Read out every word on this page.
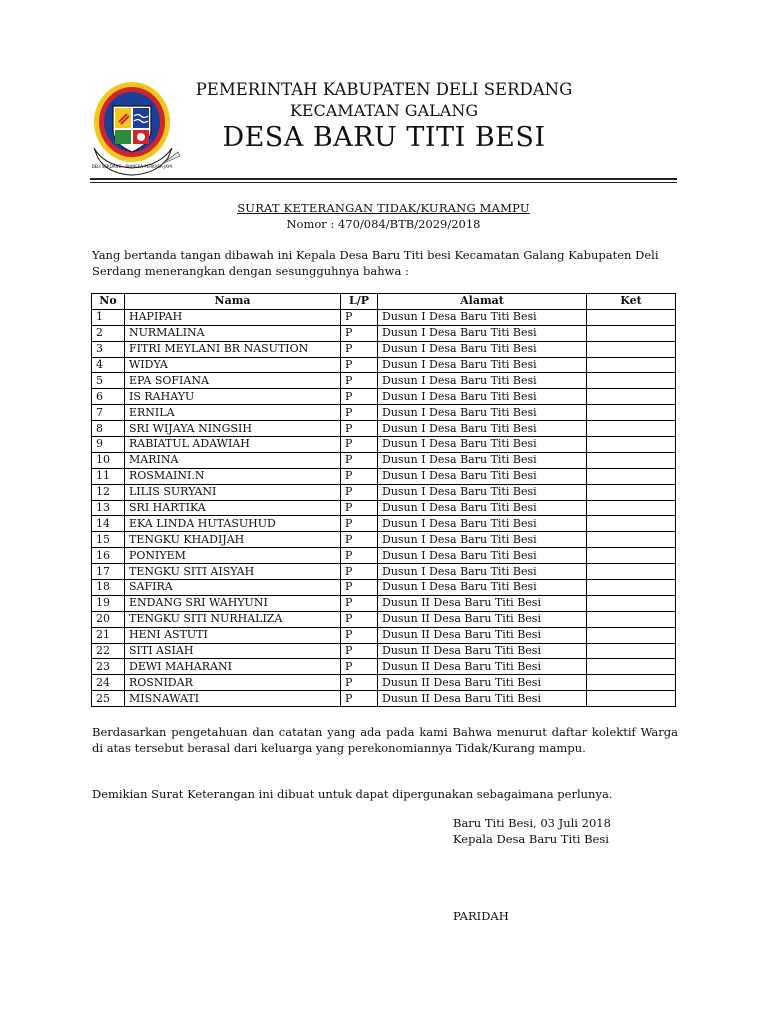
DELI SERDANG · BHINEKA PERKASA JAYA
PEMERINTAH KABUPATEN DELI SERDANG
KECAMATAN GALANG
DESA BARU TITI BESI
SURAT KETERANGAN TIDAK/KURANG MAMPU
Nomor : 470/084/BTB/2029/2018
Yang bertanda tangan dibawah ini Kepala Desa Baru Titi besi Kecamatan Galang Kabupaten Deli Serdang menerangkan dengan sesungguhnya bahwa :
No	Nama	L/P	Alamat	Ket
1	HAPIPAH	P	Dusun I Desa Baru Titi Besi	
2	NURMALINA	P	Dusun I Desa Baru Titi Besi	
3	FITRI MEYLANI BR NASUTION	P	Dusun I Desa Baru Titi Besi	
4	WIDYA	P	Dusun I Desa Baru Titi Besi	
5	EPA SOFIANA	P	Dusun I Desa Baru Titi Besi	
6	IS RAHAYU	P	Dusun I Desa Baru Titi Besi	
7	ERNILA	P	Dusun I Desa Baru Titi Besi	
8	SRI WIJAYA NINGSIH	P	Dusun I Desa Baru Titi Besi	
9	RABIATUL ADAWIAH	P	Dusun I Desa Baru Titi Besi	
10	MARINA	P	Dusun I Desa Baru Titi Besi	
11	ROSMAINI.N	P	Dusun I Desa Baru Titi Besi	
12	LILIS SURYANI	P	Dusun I Desa Baru Titi Besi	
13	SRI HARTIKA	P	Dusun I Desa Baru Titi Besi	
14	EKA LINDA HUTASUHUD	P	Dusun I Desa Baru Titi Besi	
15	TENGKU KHADIJAH	P	Dusun I Desa Baru Titi Besi	
16	PONIYEM	P	Dusun I Desa Baru Titi Besi	
17	TENGKU SITI AISYAH	P	Dusun I Desa Baru Titi Besi	
18	SAFIRA	P	Dusun I Desa Baru Titi Besi	
19	ENDANG SRI WAHYUNI	P	Dusun II Desa Baru Titi Besi	
20	TENGKU SITI NURHALIZA	P	Dusun II Desa Baru Titi Besi	
21	HENI ASTUTI	P	Dusun II Desa Baru Titi Besi	
22	SITI ASIAH	P	Dusun II Desa Baru Titi Besi	
23	DEWI MAHARANI	P	Dusun II Desa Baru Titi Besi	
24	ROSNIDAR	P	Dusun II Desa Baru Titi Besi	
25	MISNAWATI	P	Dusun II Desa Baru Titi Besi	
Berdasarkan pengetahuan dan catatan yang ada pada kami Bahwa menurut daftar kolektif Warga di atas tersebut berasal dari keluarga yang perekonomiannya Tidak/Kurang mampu.
Demikian Surat Keterangan ini dibuat untuk dapat dipergunakan sebagaimana perlunya.
Baru Titi Besi, 03 Juli 2018
Kepala Desa Baru Titi Besi
PARIDAH
